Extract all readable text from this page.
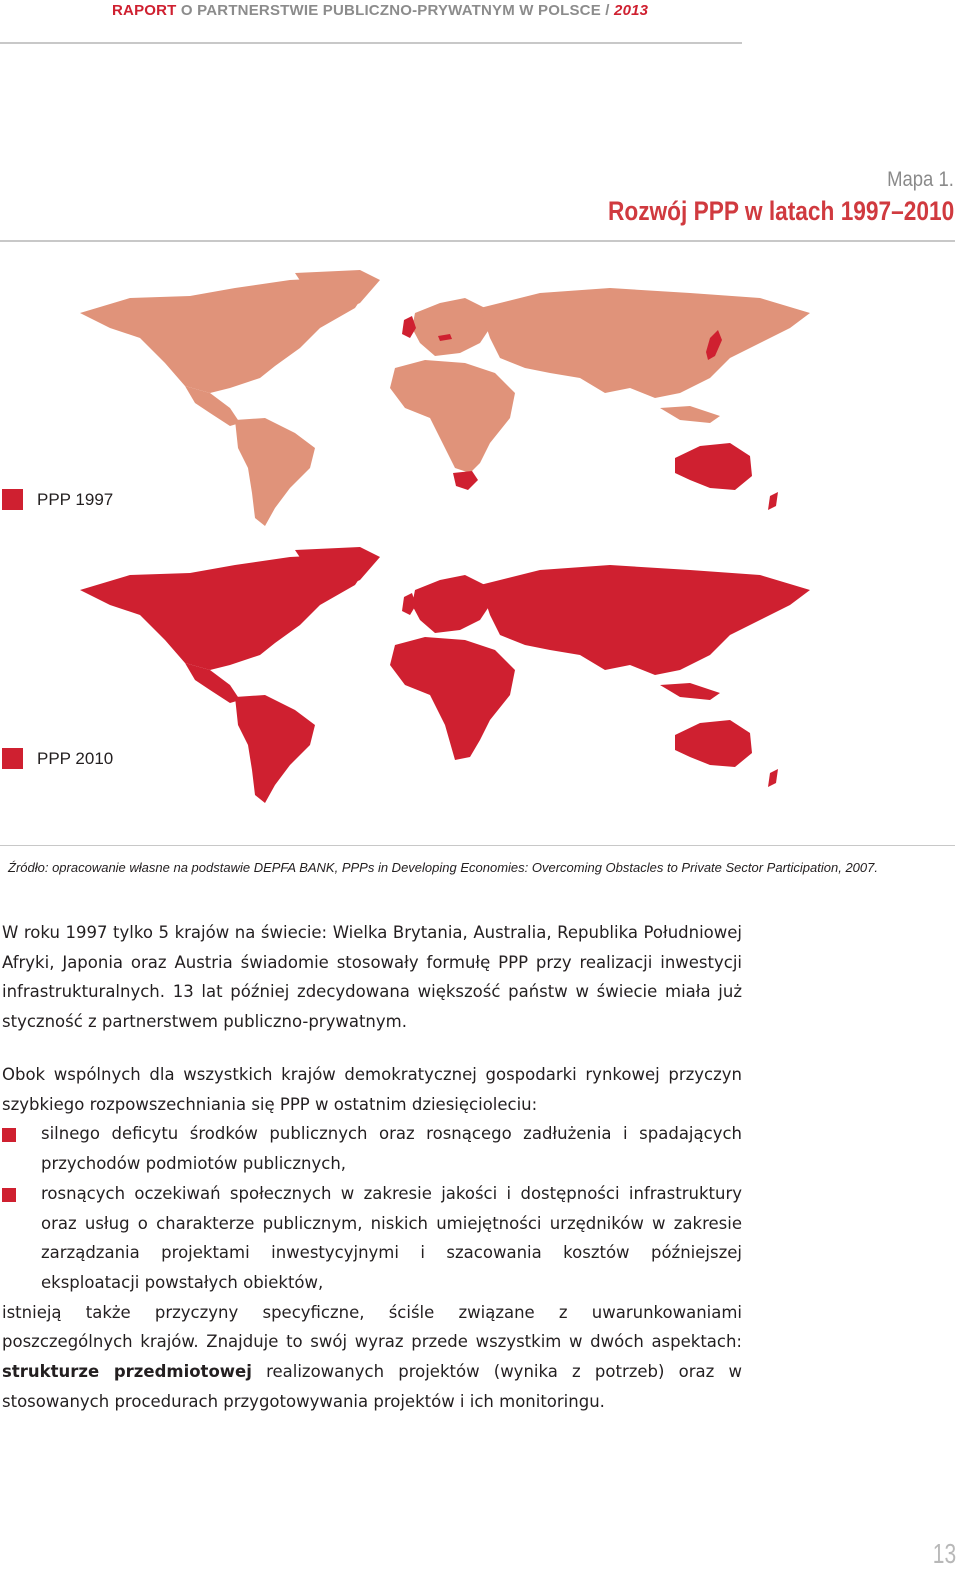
RAPORT O PARTNERSTWIE PUBLICZNO-PRYWATNYM W POLSCE / 2013
Mapa 1.
Rozwój PPP w latach 1997–2010
PPP 1997
PPP 2010
Źródło: opracowanie własne na podstawie DEPFA BANK, PPPs in Developing Economies: Overcoming Obstacles to Private Sector Participation, 2007.
W roku 1997 tylko 5 krajów na świecie: Wielka Brytania, Australia, Republika Południowej Afryki, Japonia oraz Austria świadomie stosowały formułę PPP przy realizacji inwestycji infrastrukturalnych. 13 lat później zdecydowana większość państw w świecie miała już styczność z partnerstwem publiczno-prywatnym.
Obok wspólnych dla wszystkich krajów demokratycznej gospodarki rynkowej przyczyn szybkiego rozpowszechniania się PPP w ostatnim dziesięcioleciu:
silnego deficytu środków publicznych oraz rosnącego zadłużenia i spadających przychodów podmiotów publicznych,
rosnących oczekiwań społecznych w zakresie jakości i dostępności infrastruktury oraz usług o charakterze publicznym, niskich umiejętności urzędników w zakresie zarządzania projektami inwestycyjnymi i szacowania kosztów późniejszej eksploatacji powstałych obiektów,
istnieją także przyczyny specyficzne, ściśle związane z uwarunkowaniami poszczególnych krajów. Znajduje to swój wyraz przede wszystkim w dwóch aspektach: strukturze przedmiotowej realizowanych projektów (wynika z potrzeb) oraz w stosowanych procedurach przygotowywania projektów i ich monitoringu.
13
